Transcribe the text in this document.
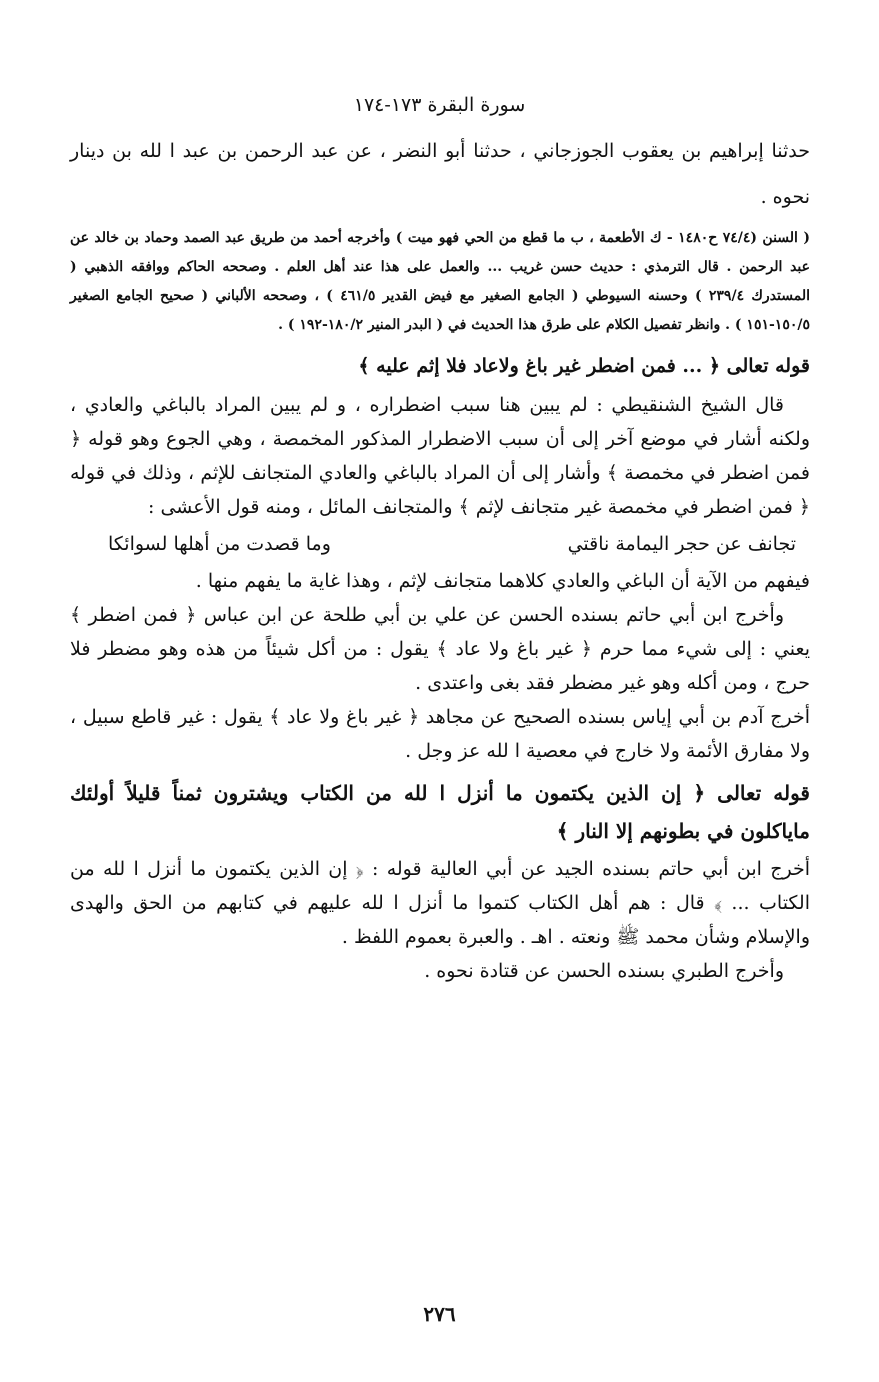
سورة البقرة ١٧٣-١٧٤

حدثنا إبراهيم بن يعقوب الجوزجاني ، حدثنا أبو النضر ، عن عبد الرحمن بن عبد ا لله بن دينار نحوه .

( السنن (٧٤/٤ ح١٤٨٠ - ك الأطعمة ، ب ما قطع من الحي فهو ميت ) وأخرجه أحمد من طريق عبد الصمد وحماد بن خالد عن عبد الرحمن . قال الترمذي : حديث حسن غريب ... والعمل على هذا عند أهل العلم . وصححه الحاكم ووافقه الذهبي ( المستدرك ٢٣٩/٤ ) وحسنه السيوطي ( الجامع الصغير مع فيض القدير ٤٦١/٥ ) ، وصححه الألباني ( صحيح الجامع الصغير ١٥٠/٥-١٥١ ) . وانظر تفصيل الكلام على طرق هذا الحديث في ( البدر المنير ١٨٠/٢-١٩٢ ) .

قوله تعالى ﴿ ... فمن اضطر غير باغ ولاعاد فلا إثم عليه ﴾

قال الشيخ الشنقيطي : لم يبين هنا سبب اضطراره ، و لم يبين المراد بالباغي والعادي ، ولكنه أشار في موضع آخر إلى أن سبب الاضطرار المذكور المخمصة ، وهي الجوع وهو قوله ﴿ فمن اضطر في مخمصة ﴾ وأشار إلى أن المراد بالباغي والعادي المتجانف للإثم ، وذلك في قوله ﴿ فمن اضطر في مخمصة غير متجانف لإثم ﴾ والمتجانف المائل ، ومنه قول الأعشى :

تجانف عن حجر اليمامة ناقتي
وما قصدت من أهلها لسوائكا

فيفهم من الآية أن الباغي والعادي كلاهما متجانف لإثم ، وهذا غاية ما يفهم منها .

وأخرج ابن أبي حاتم بسنده الحسن عن علي بن أبي طلحة عن ابن عباس ﴿ فمن اضطر ﴾ يعني : إلى شيء مما حرم ﴿ غير باغ ولا عاد ﴾ يقول : من أكل شيئاً من هذه وهو مضطر فلا حرج ، ومن أكله وهو غير مضطر فقد بغى واعتدى .

أخرج آدم بن أبي إياس بسنده الصحيح عن مجاهد ﴿ غير باغ ولا عاد ﴾ يقول : غير قاطع سبيل ، ولا مفارق الأئمة ولا خارج في معصية ا لله عز وجل .

قوله تعالى ﴿ إن الذين يكتمون ما أنزل ا لله من الكتاب ويشترون ثمناً قليلاً أولئك ماياكلون في بطونهم إلا النار ﴾

أخرج ابن أبي حاتم بسنده الجيد عن أبي العالية قوله : ﴿ إن الذين يكتمون ما أنزل ا لله من الكتاب ... ﴾ قال : هم أهل الكتاب كتموا ما أنزل ا لله عليهم في كتابهم من الحق والهدى والإسلام وشأن محمد ﷺ ونعته . اهـ . والعبرة بعموم اللفظ .

وأخرج الطبري بسنده الحسن عن قتادة نحوه .

٢٧٦
